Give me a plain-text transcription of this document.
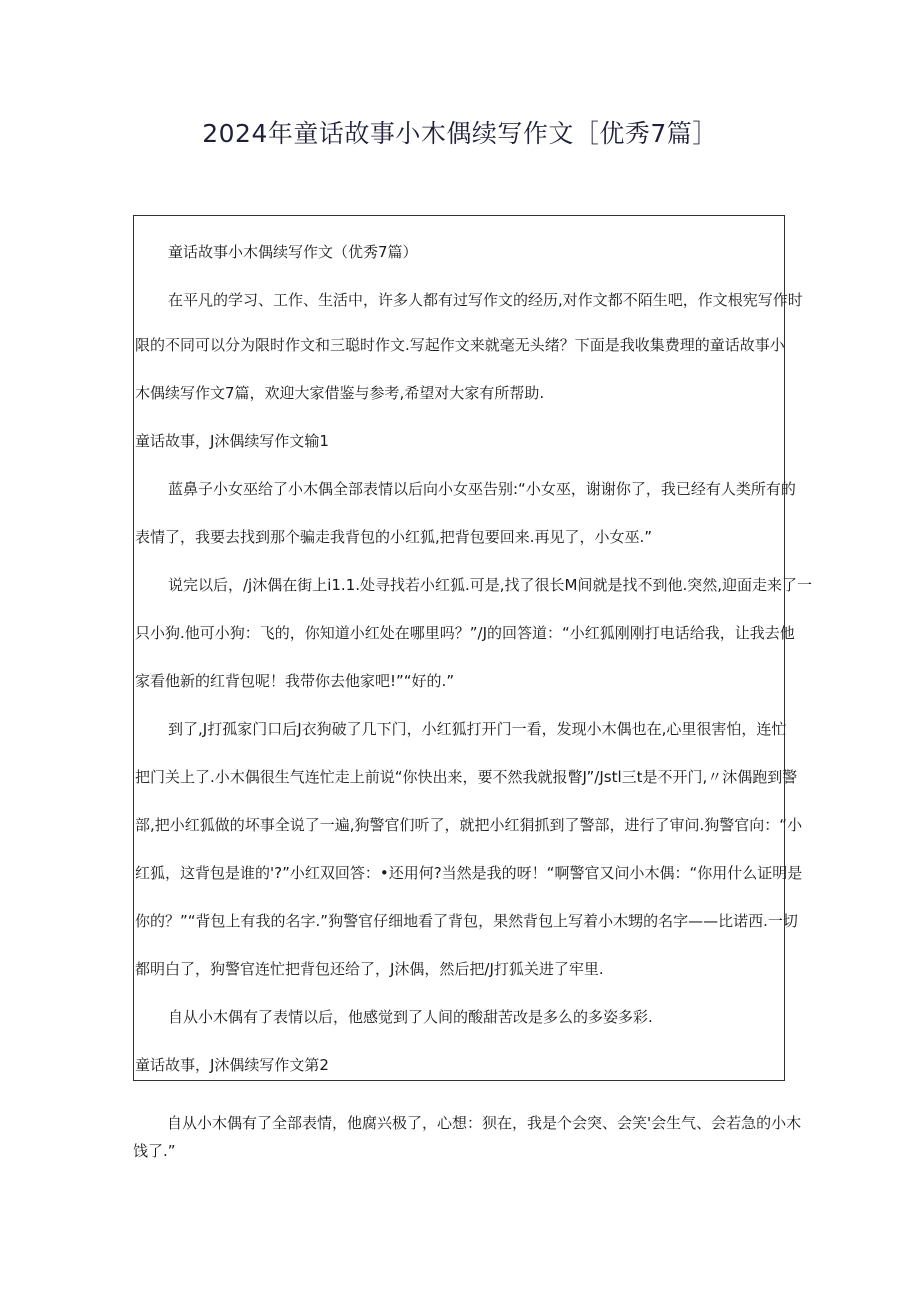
2024年童话故事小木偶续写作文［优秀7篇］
童话故事小木偶续写作文（优秀7篇）
在平凡的学习、工作、生活中，许多人都有过写作文的经历,对作文都不陌生吧，作文根宪写作时
限的不同可以分为限时作文和三聪时作文.写起作文来就毫无头绪？下面是我收集费理的童话故事小
木偶续写作文7篇，欢迎大家借鉴与参考,希望对大家有所帮助.
童话故事，J沐偶续写作文输1
蓝鼻子小女巫给了小木偶全部表情以后向小女巫告别:“小女巫，谢谢你了，我已经有人类所有的
表情了，我要去找到那个骗走我背包的小红狐,把背包要回来.再见了，小女巫.”
说完以后，/j沐偶在街上i1.1.处寻找若小红狐.可是,找了很长M间就是找不到他.突然,迎面走来了一
只小狗.他可小狗：飞的，你知道小红处在哪里吗？”/J的回答道：“小红狐刚刚打电话给我，让我去他
家看他新的红背包呢！我带你去他家吧!”“好的.”
到了,J打孤家门口后J衣狗破了几下门，小红狐打开门一看，发现小木偶也在,心里很害怕，连忙
把门关上了.小木偶很生气连忙走上前说“你快出来，要不然我就报瞥J”/Jstl三t是不开门,〃沐偶跑到警
部,把小红狐做的坏事全说了一遍,狗警官们听了，就把小红狷抓到了警部，进行了审问.狗警官向：“小
红狐，这背包是谁的'?”小红双回答：•还用何?当然是我的呀！“啊警官又问小木偶：“你用什么证明是
你的？”“背包上有我的名字.”狗警官仔细地看了背包，果然背包上写着小木甥的名字——比诺西.一切
都明白了，狗警官连忙把背包还给了，J沐偶，然后把/J打狐关进了牢里.
自从小木偶有了表情以后，他感觉到了人间的酸甜苦改是多么的多姿多彩.
童话故事，J沐偶续写作文第2
自从小木偶有了全部表情，他腐兴极了，心想：狈在，我是个会突、会笑'会生气、会若急的小木
饯了.”
